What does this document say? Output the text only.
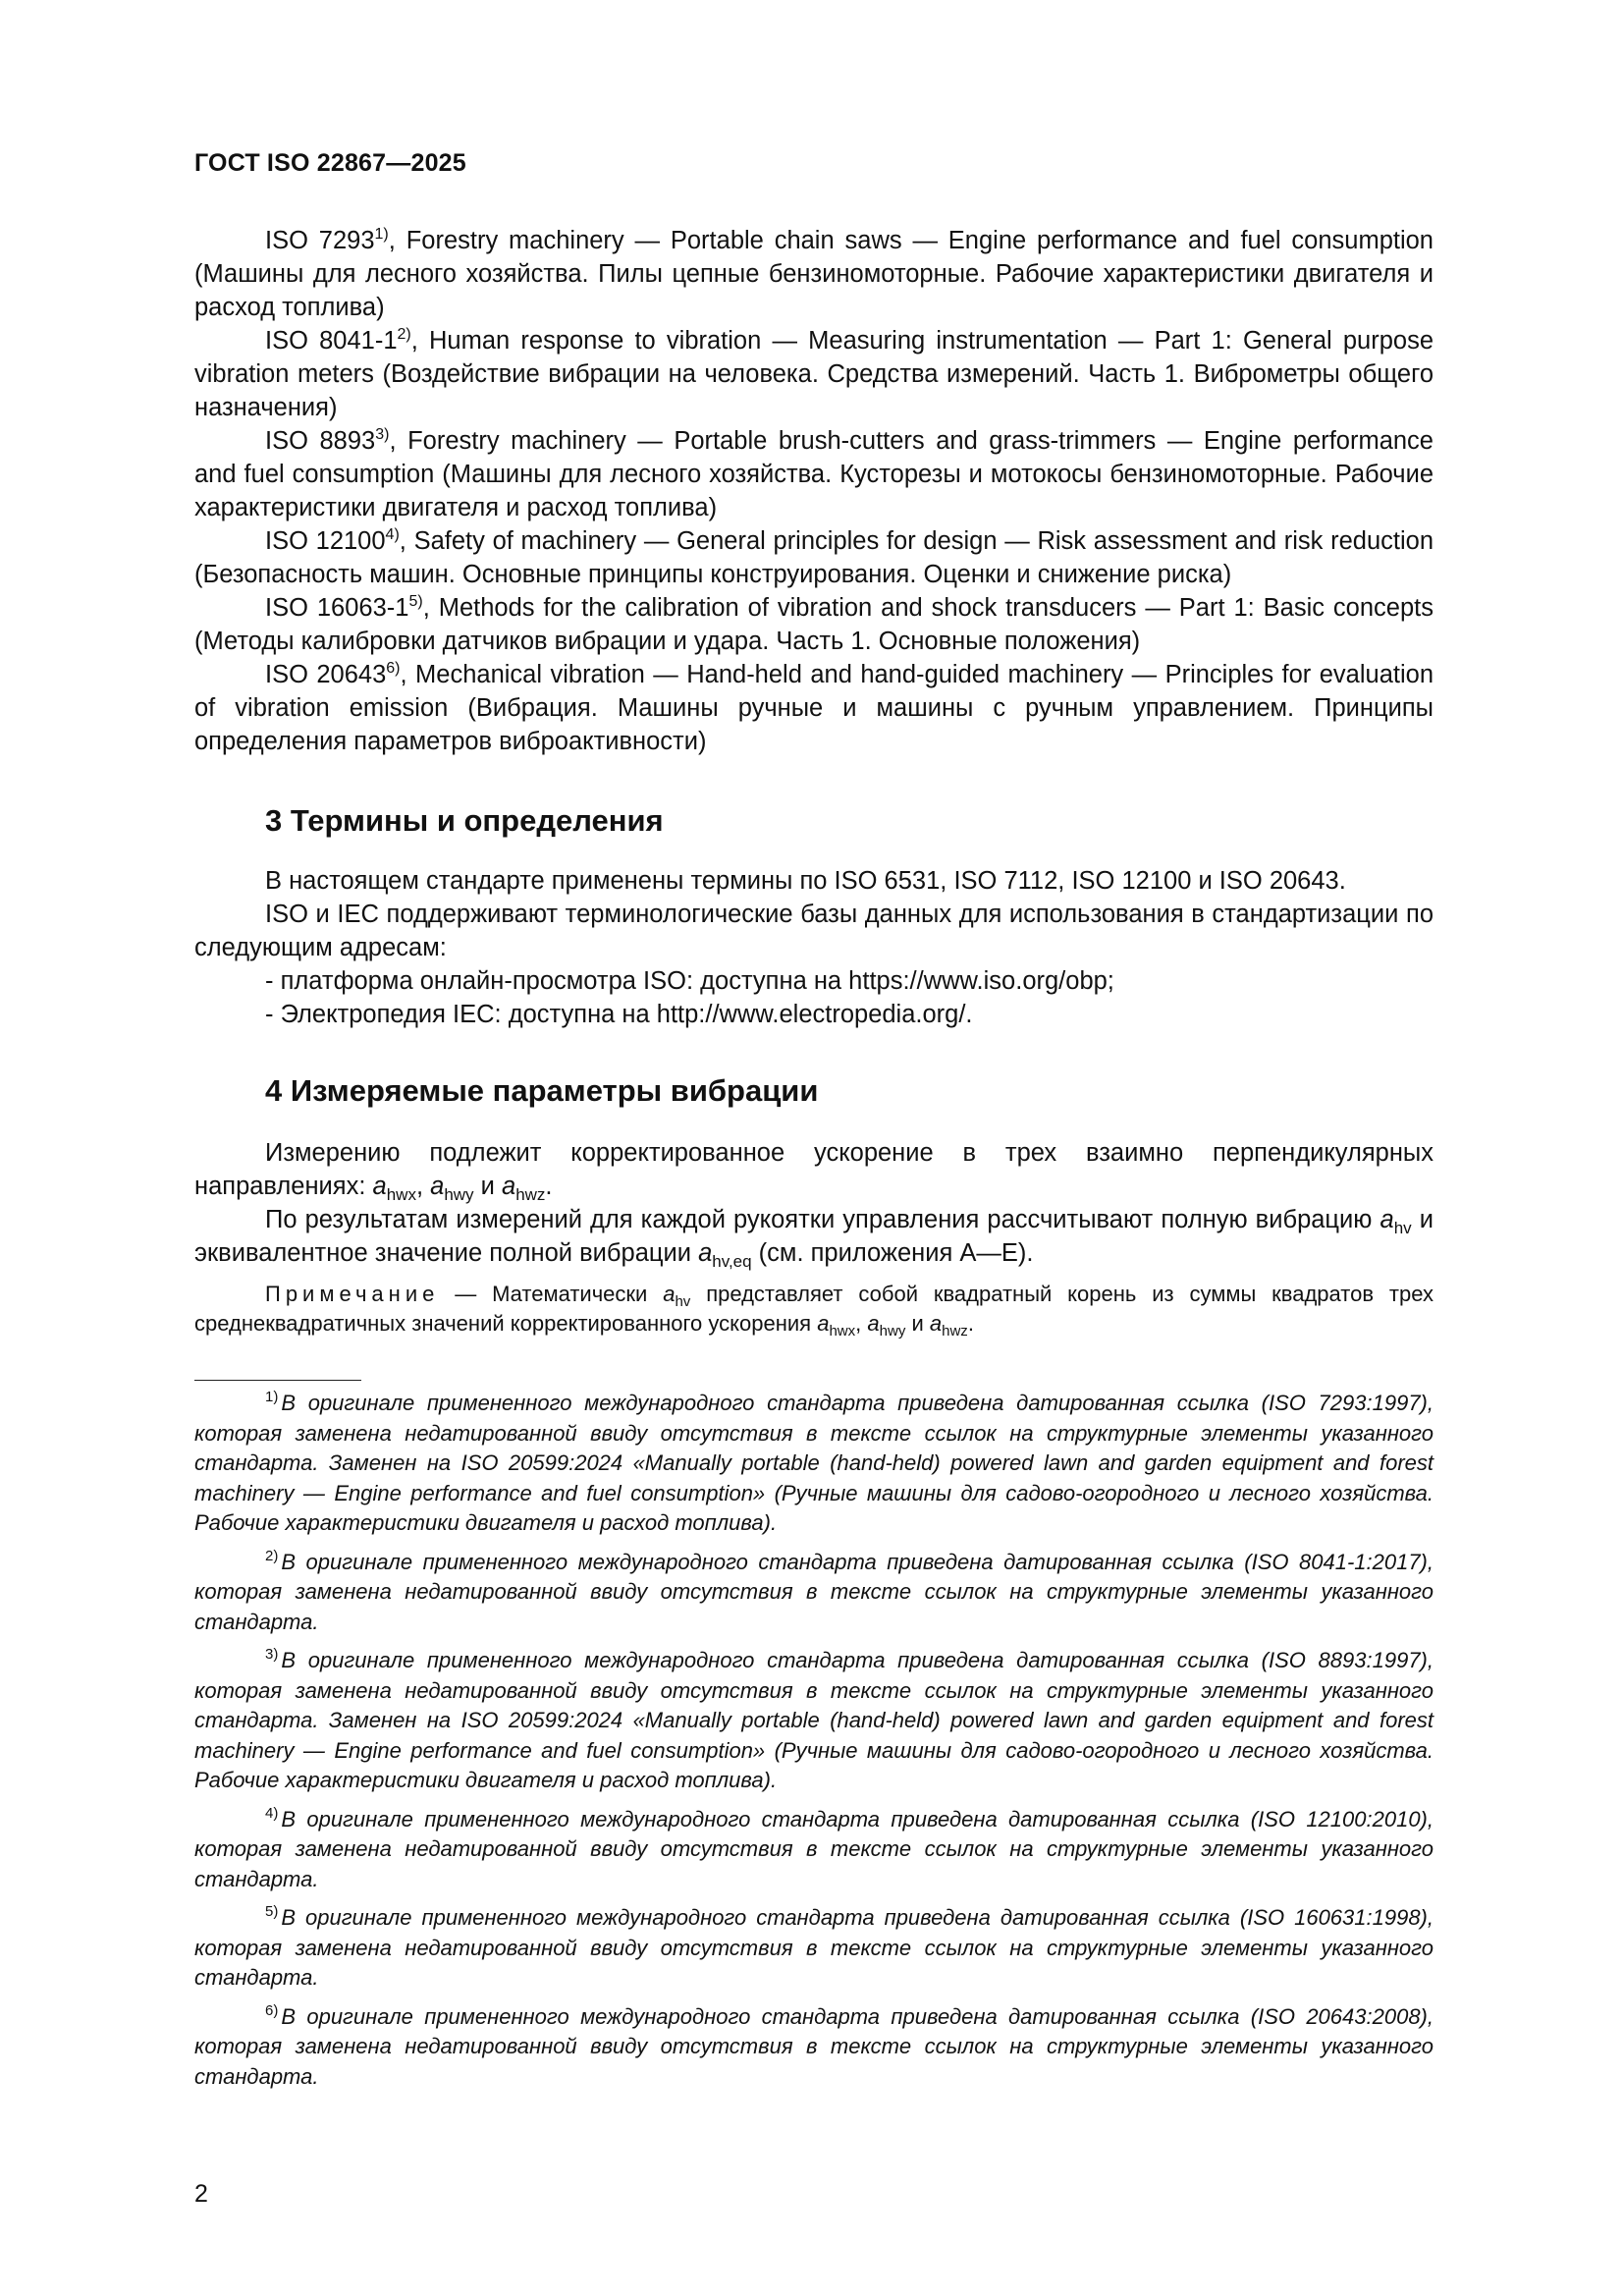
ГОСТ ISO 22867—2025

ISO 7293$^{1)}$, Forestry machinery — Portable chain saws — Engine performance and fuel consumption (Машины для лесного хозяйства. Пилы цепные бензиномоторные. Рабочие характеристики двигателя и расход топлива)

ISO 8041-1$^{2)}$, Human response to vibration — Measuring instrumentation — Part 1: General purpose vibration meters (Воздействие вибрации на человека. Средства измерений. Часть 1. Виброметры общего назначения)

ISO 8893$^{3)}$, Forestry machinery — Portable brush-cutters and grass-trimmers — Engine performance and fuel consumption (Машины для лесного хозяйства. Кусторезы и мотокосы бензиномоторные. Рабочие характеристики двигателя и расход топлива)

ISO 12100$^{4)}$, Safety of machinery — General principles for design — Risk assessment and risk reduction (Безопасность машин. Основные принципы конструирования. Оценки и снижение риска)

ISO 16063-1$^{5)}$, Methods for the calibration of vibration and shock transducers — Part 1: Basic concepts (Методы калибровки датчиков вибрации и удара. Часть 1. Основные положения)

ISO 20643$^{6)}$, Mechanical vibration — Hand-held and hand-guided machinery — Principles for evaluation of vibration emission (Вибрация. Машины ручные и машины с ручным управлением. Принципы определения параметров виброактивности)

3 Термины и определения

В настоящем стандарте применены термины по ISO 6531, ISO 7112, ISO 12100 и ISO 20643.

ISO и IEC поддерживают терминологические базы данных для использования в стандартизации по следующим адресам:

- платформа онлайн-просмотра ISO: доступна на https://www.iso.org/obp;

- Электропедия IEC: доступна на http://www.electropedia.org/.

4 Измеряемые параметры вибрации

Измерению подлежит корректированное ускорение в трех взаимно перпендикулярных направлениях: $a_{hwx}$, $a_{hwy}$ и $a_{hwz}$.

По результатам измерений для каждой рукоятки управления рассчитывают полную вибрацию $a_{hv}$ и эквивалентное значение полной вибрации $a_{hv,eq}$ (см. приложения А—Е).

Примечание — Математически $a_{hv}$ представляет собой квадратный корень из суммы квадратов трех среднеквадратичных значений корректированного ускорения $a_{hwx}$, $a_{hwy}$ и $a_{hwz}$.

$^{1)}$ В оригинале примененного международного стандарта приведена датированная ссылка (ISO 7293:1997), которая заменена недатированной ввиду отсутствия в тексте ссылок на структурные элементы указанного стандарта. Заменен на ISO 20599:2024 «Manually portable (hand-held) powered lawn and garden equipment and forest machinery — Engine performance and fuel consumption» (Ручные машины для садово-огородного и лесного хозяйства. Рабочие характеристики двигателя и расход топлива).

$^{2)}$ В оригинале примененного международного стандарта приведена датированная ссылка (ISO 8041-1:2017), которая заменена недатированной ввиду отсутствия в тексте ссылок на структурные элементы указанного стандарта.

$^{3)}$ В оригинале примененного международного стандарта приведена датированная ссылка (ISO 8893:1997), которая заменена недатированной ввиду отсутствия в тексте ссылок на структурные элементы указанного стандарта. Заменен на ISO 20599:2024 «Manually portable (hand-held) powered lawn and garden equipment and forest machinery — Engine performance and fuel consumption» (Ручные машины для садово-огородного и лесного хозяйства. Рабочие характеристики двигателя и расход топлива).

$^{4)}$ В оригинале примененного международного стандарта приведена датированная ссылка (ISO 12100:2010), которая заменена недатированной ввиду отсутствия в тексте ссылок на структурные элементы указанного стандарта.

$^{5)}$ В оригинале примененного международного стандарта приведена датированная ссылка (ISO 160631:1998), которая заменена недатированной ввиду отсутствия в тексте ссылок на структурные элементы указанного стандарта.

$^{6)}$ В оригинале примененного международного стандарта приведена датированная ссылка (ISO 20643:2008), которая заменена недатированной ввиду отсутствия в тексте ссылок на структурные элементы указанного стандарта.

2
